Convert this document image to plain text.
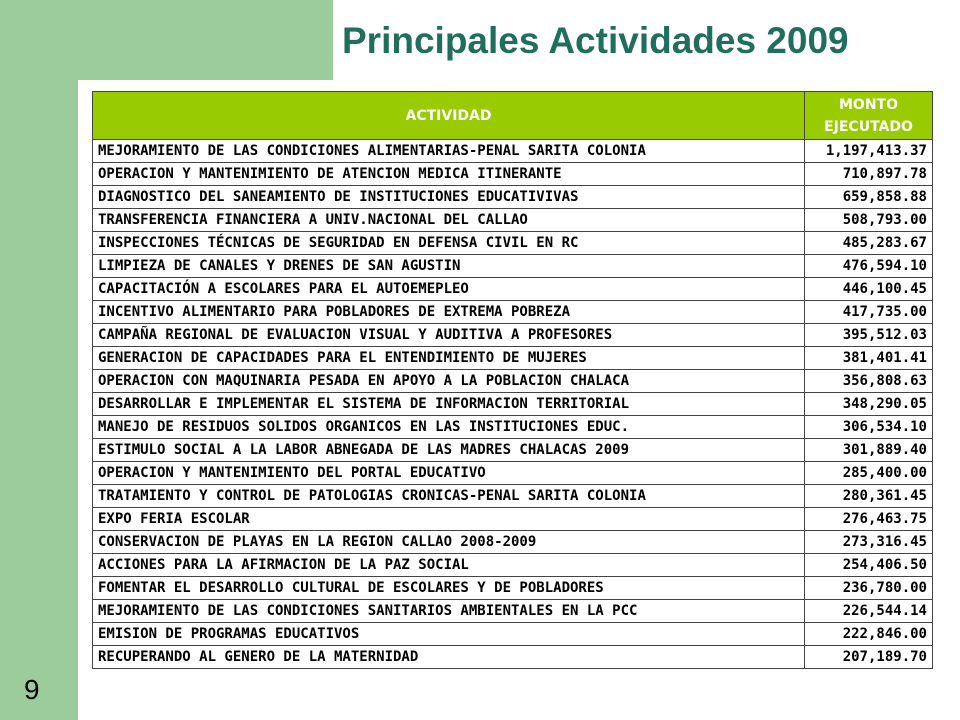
Principales Actividades 2009
9
ACTIVIDAD	MONTO
EJECUTADO
MEJORAMIENTO DE LAS CONDICIONES ALIMENTARIAS-PENAL SARITA COLONIA	1,197,413.37
OPERACION Y MANTENIMIENTO DE ATENCION MEDICA ITINERANTE	710,897.78
DIAGNOSTICO DEL SANEAMIENTO DE INSTITUCIONES EDUCATIVIVAS	659,858.88
TRANSFERENCIA FINANCIERA A UNIV.NACIONAL DEL CALLAO	508,793.00
INSPECCIONES TÉCNICAS DE SEGURIDAD EN DEFENSA CIVIL EN RC	485,283.67
LIMPIEZA DE CANALES Y DRENES DE SAN AGUSTIN	476,594.10
CAPACITACIÓN A ESCOLARES PARA EL AUTOEMEPLEO	446,100.45
INCENTIVO ALIMENTARIO PARA POBLADORES DE EXTREMA POBREZA	417,735.00
CAMPAÑA REGIONAL DE EVALUACION VISUAL Y AUDITIVA A PROFESORES	395,512.03
GENERACION DE CAPACIDADES PARA EL ENTENDIMIENTO DE MUJERES	381,401.41
OPERACION CON MAQUINARIA PESADA EN APOYO A LA POBLACION CHALACA	356,808.63
DESARROLLAR E IMPLEMENTAR EL SISTEMA DE INFORMACION TERRITORIAL	348,290.05
MANEJO DE RESIDUOS SOLIDOS ORGANICOS EN LAS INSTITUCIONES EDUC.	306,534.10
ESTIMULO SOCIAL A LA LABOR ABNEGADA DE LAS MADRES CHALACAS 2009	301,889.40
OPERACION Y MANTENIMIENTO DEL PORTAL EDUCATIVO	285,400.00
TRATAMIENTO Y CONTROL DE PATOLOGIAS CRONICAS-PENAL SARITA COLONIA	280,361.45
EXPO FERIA ESCOLAR	276,463.75
CONSERVACION DE PLAYAS EN LA REGION CALLAO 2008-2009	273,316.45
ACCIONES PARA LA AFIRMACION DE LA PAZ SOCIAL	254,406.50
FOMENTAR EL DESARROLLO CULTURAL DE ESCOLARES Y DE POBLADORES	236,780.00
MEJORAMIENTO DE LAS CONDICIONES SANITARIOS AMBIENTALES EN LA PCC	226,544.14
EMISION DE PROGRAMAS EDUCATIVOS	222,846.00
RECUPERANDO AL GENERO DE LA MATERNIDAD	207,189.70
